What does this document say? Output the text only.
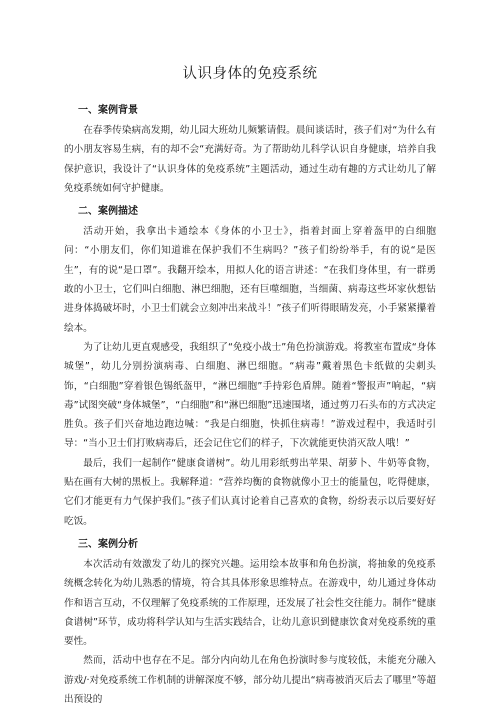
认识身体的免疫系统
一、案例背景

在春季传染病高发期，幼儿园大班幼儿频繁请假。晨间谈话时，孩子们对“为什么有的小朋友容易生病，有的却不会“充满好奇。为了帮助幼儿科学认识自身健康，培养自我保护意识，我设计了“认识身体的免疫系统”主题活动，通过生动有趣的方式让幼儿了解免疫系统如何守护健康。

二、案例描述

活动开始，我拿出卡通绘本《身体的小卫士》，指着封面上穿着盔甲的白细胞问：“小朋友们，你们知道谁在保护我们不生病吗？”孩子们纷纷举手，有的说“是医生”，有的说“是口罩”。我翻开绘本，用拟人化的语言讲述：“在我们身体里，有一群勇敢的小卫士，它们叫白细胞、淋巴细胞，还有巨噬细胞，当细菌、病毒这些坏家伙想钻进身体捣破坏时，小卫士们就会立刻冲出来战斗！”孩子们听得眼睛发亮，小手紧紧攥着绘本。

为了让幼儿更直观感受，我组织了“免疫小战士”角色扮演游戏。将教室布置成“身体城堡”，幼儿分别扮演病毒、白细胞、淋巴细胞。“病毒”戴着黑色卡纸做的尖刺头饰，“白细胞”穿着银色锡纸盔甲，“淋巴细胞”手持彩色盾牌。随着“警报声”响起，“病毒”试图突破“身体城堡”，“白细胞”和“淋巴细胞”迅速围堵，通过剪刀石头布的方式决定胜负。孩子们兴奋地边跑边喊：“我是白细胞，快抓住病毒！”游戏过程中，我适时引导：“当小卫士们打败病毒后，还会记住它们的样子，下次就能更快消灭敌人哦！”

最后，我们一起制作“健康食谱树”。幼儿用彩纸剪出苹果、胡萝卜、牛奶等食物，贴在画有大树的黑板上。我解释道：“营养均衡的食物就像小卫士的能量包，吃得健康，它们才能更有力气保护我们。”孩子们认真讨论着自己喜欢的食物，纷纷表示以后要好好吃饭。

三、案例分析

本次活动有效激发了幼儿的探究兴趣。运用绘本故事和角色扮演，将抽象的免疫系统概念转化为幼儿熟悉的情境，符合其具体形象思维特点。在游戏中，幼儿通过身体动作和语言互动，不仅理解了免疫系统的工作原理，还发展了社会性交往能力。制作“健康食谱树”环节，成功将科学认知与生活实践结合，让幼儿意识到健康饮食对免疫系统的重要性。

然而，活动中也存在不足。部分内向幼儿在角色扮演时参与度较低，未能充分融入游戏/·对免疫系统工作机制的讲解深度不够，部分幼儿提出“病毒被消灭后去了哪里”等超出预设的
